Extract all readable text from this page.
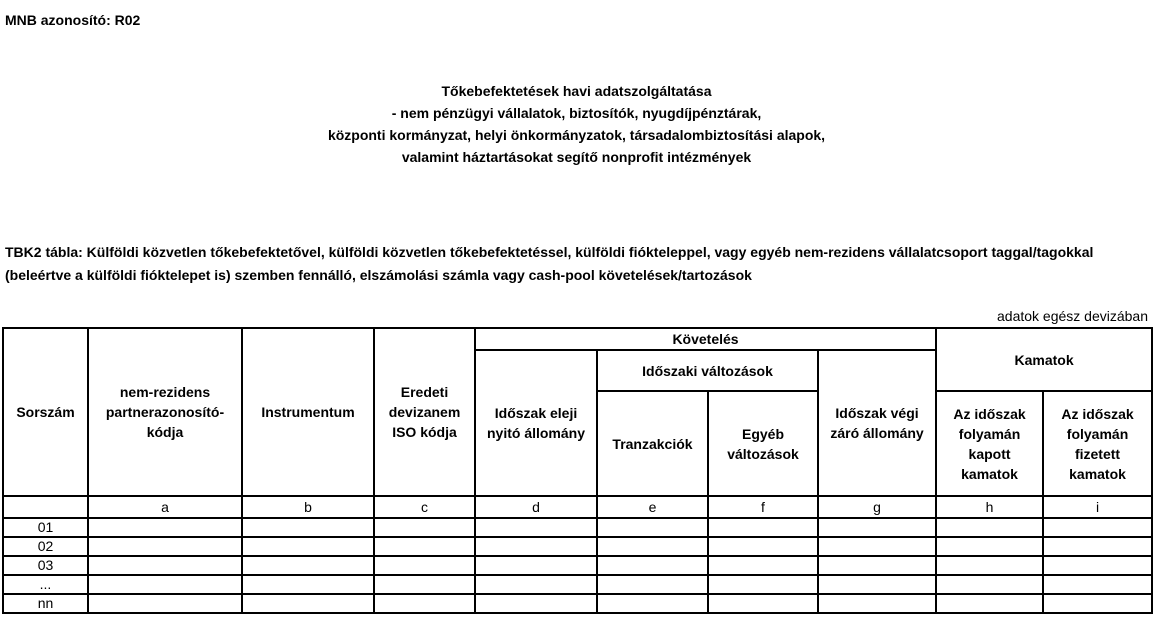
MNB azonosító: R02
Tőkebefektetések havi adatszolgáltatása
- nem pénzügyi vállalatok, biztosítók, nyugdíjpénztárak,
központi kormányzat, helyi önkormányzatok, társadalombiztosítási alapok,
valamint háztartásokat segítő nonprofit intézmények
TBK2 tábla: Külföldi közvetlen tőkebefektetővel, külföldi közvetlen tőkebefektetéssel, külföldi fiókteleppel, vagy egyéb nem-rezidens vállalatcsoport taggal/tagokkal (beleértve a külföldi fióktelepet is) szemben fennálló, elszámolási számla vagy cash-pool követelések/tartozások
adatok egész devizában
Sorszám	nem-rezidens partnerazonosító-kódja	Instrumentum	Eredeti devizanem ISO kódja	Követelés				Kamatok	
				Időszak eleji nyitó állomány	Időszaki változások		Időszak végi záró állomány		
					Tranzakciók	Egyéb változások		Az időszak folyamán kapott kamatok	Az időszak folyamán fizetett kamatok
	a	b	c	d	e	f	g	h	i
01									
02									
03									
...									
nn									
